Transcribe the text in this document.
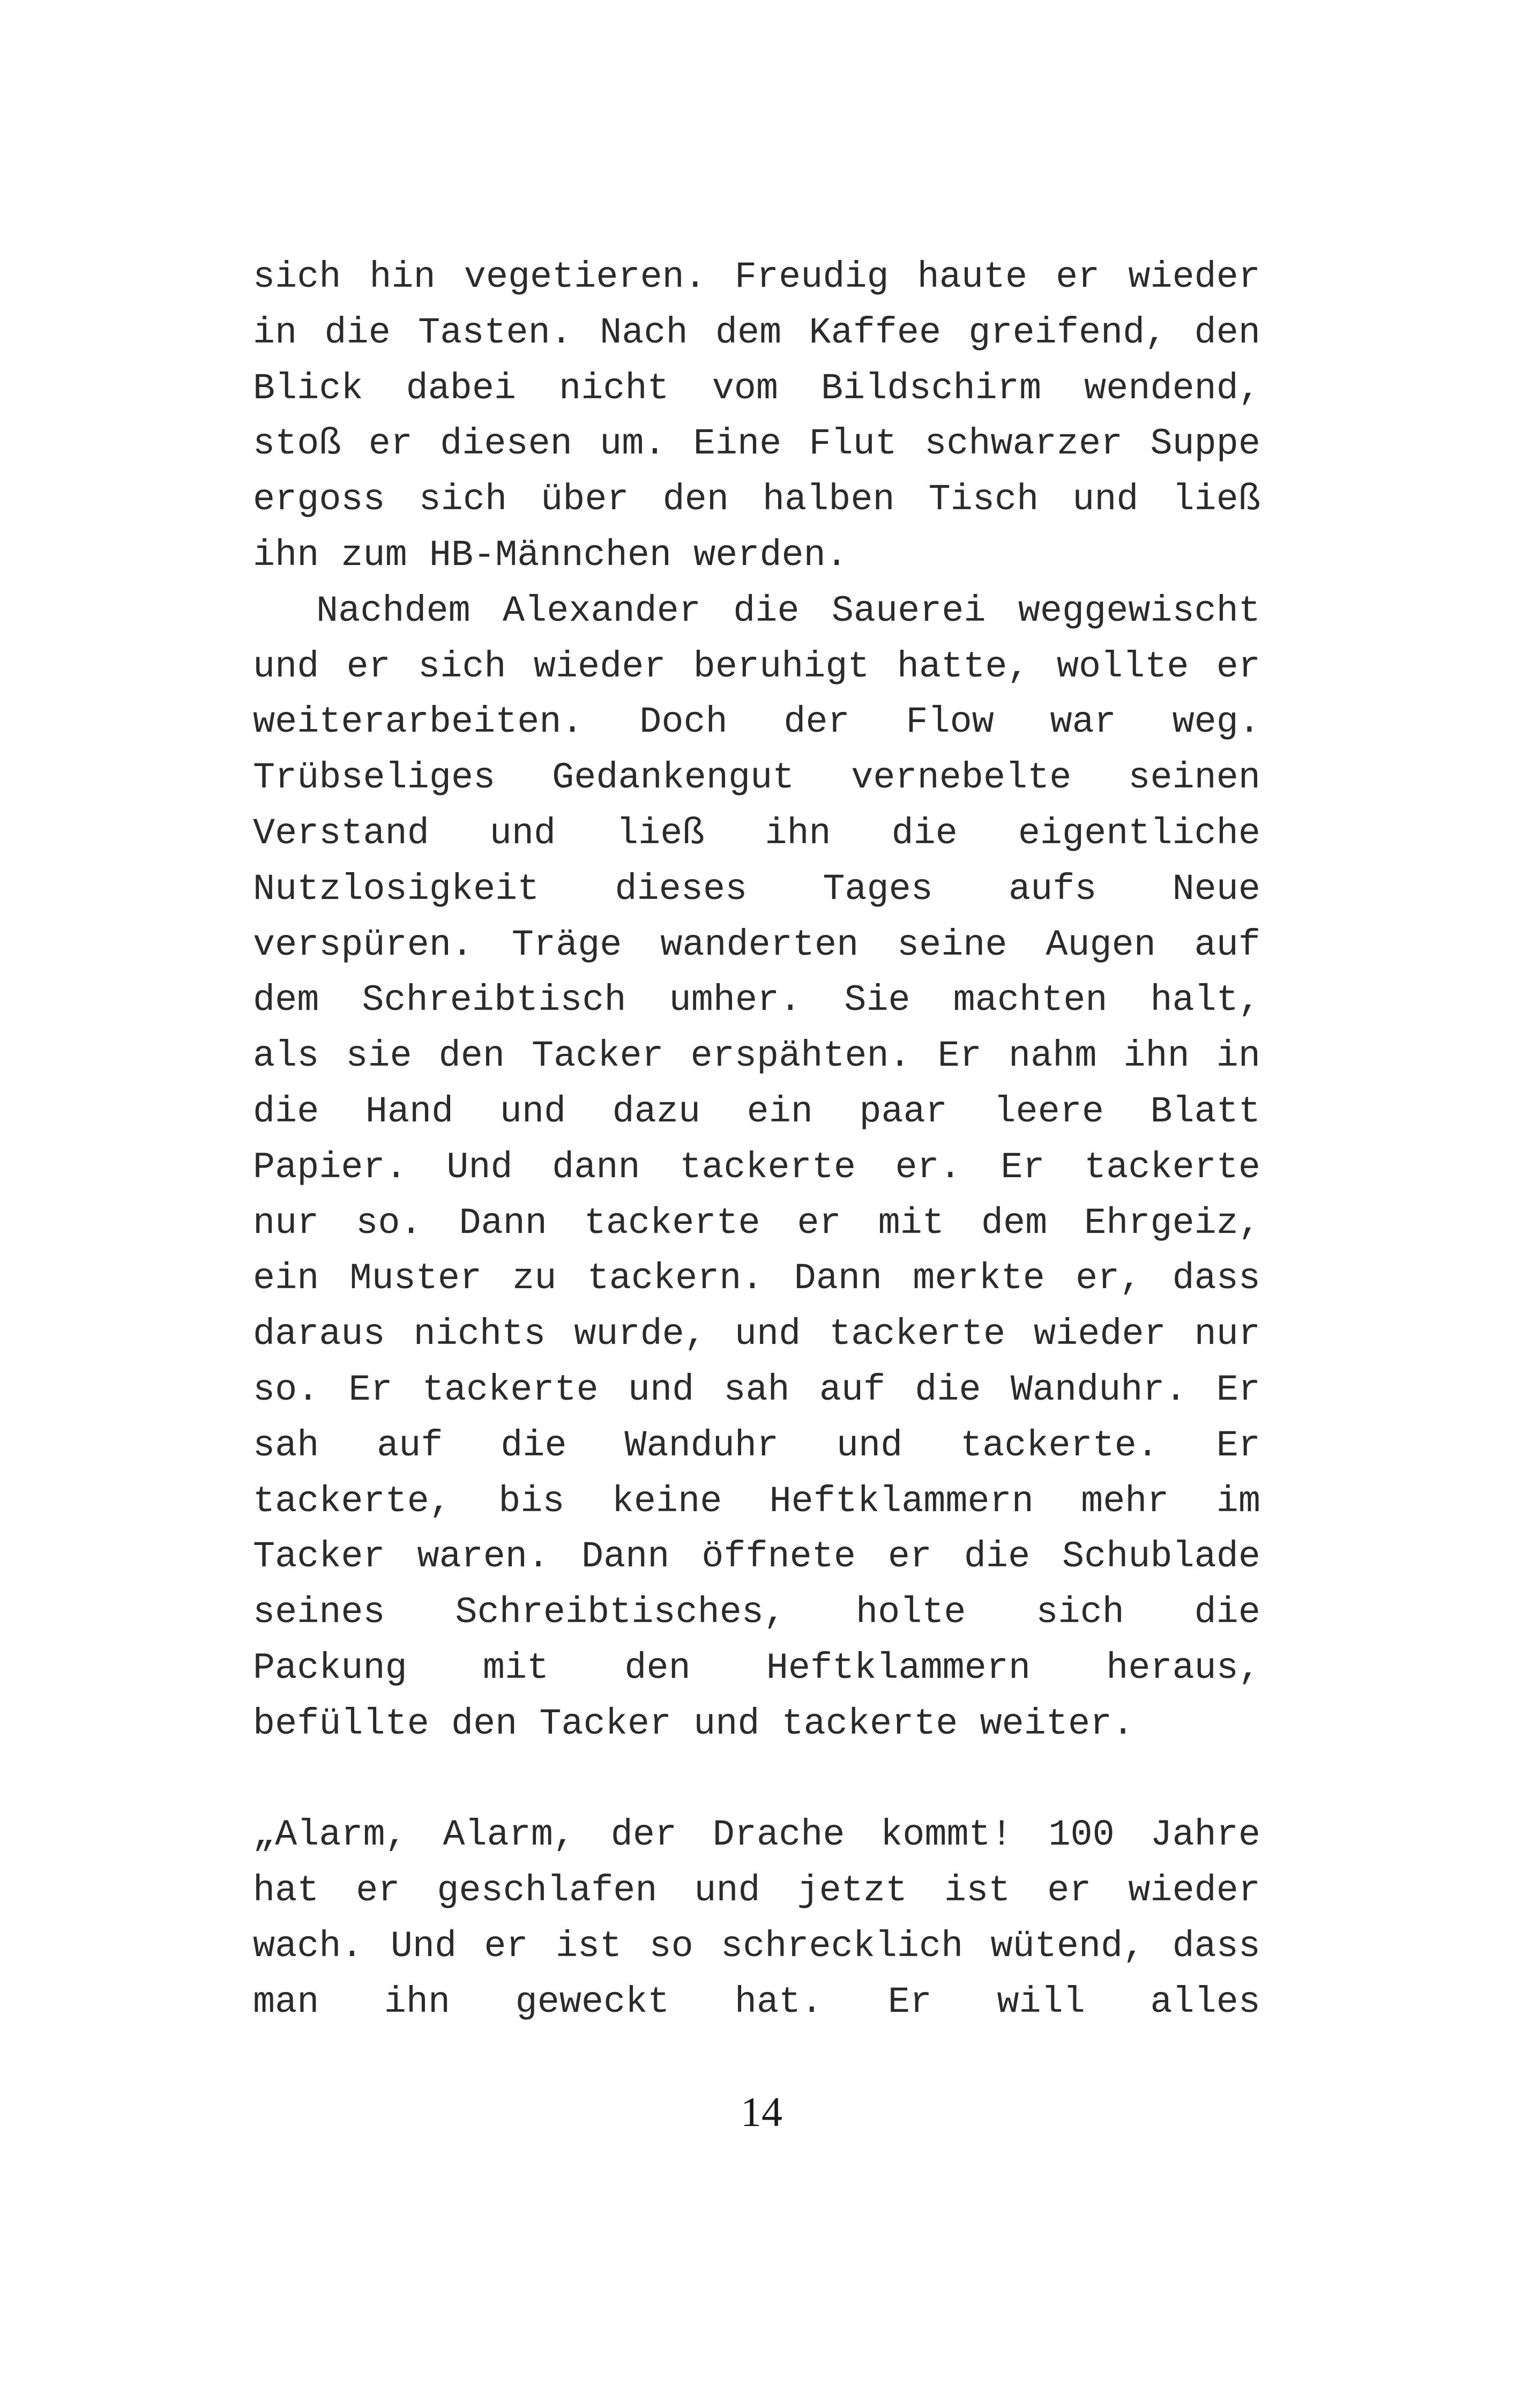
sich hin vegetieren. Freudig haute er wieder
in die Tasten. Nach dem Kaffee greifend, den
Blick dabei nicht vom Bildschirm wendend,
stoß er diesen um. Eine Flut schwarzer Suppe
ergoss sich über den halben Tisch und ließ
ihn zum HB-Männchen werden.
Nachdem Alexander die Sauerei weggewischt
und er sich wieder beruhigt hatte, wollte er
weiterarbeiten. Doch der Flow war weg.
Trübseliges Gedankengut vernebelte seinen
Verstand und ließ ihn die eigentliche
Nutzlosigkeit dieses Tages aufs Neue
verspüren. Träge wanderten seine Augen auf
dem Schreibtisch umher. Sie machten halt,
als sie den Tacker erspähten. Er nahm ihn in
die Hand und dazu ein paar leere Blatt
Papier. Und dann tackerte er. Er tackerte
nur so. Dann tackerte er mit dem Ehrgeiz,
ein Muster zu tackern. Dann merkte er, dass
daraus nichts wurde, und tackerte wieder nur
so. Er tackerte und sah auf die Wanduhr. Er
sah auf die Wanduhr und tackerte. Er
tackerte, bis keine Heftklammern mehr im
Tacker waren. Dann öffnete er die Schublade
seines Schreibtisches, holte sich die
Packung mit den Heftklammern heraus,
befüllte den Tacker und tackerte weiter.
„Alarm, Alarm, der Drache kommt! 100 Jahre
hat er geschlafen und jetzt ist er wieder
wach. Und er ist so schrecklich wütend, dass
man ihn geweckt hat. Er will alles
14
